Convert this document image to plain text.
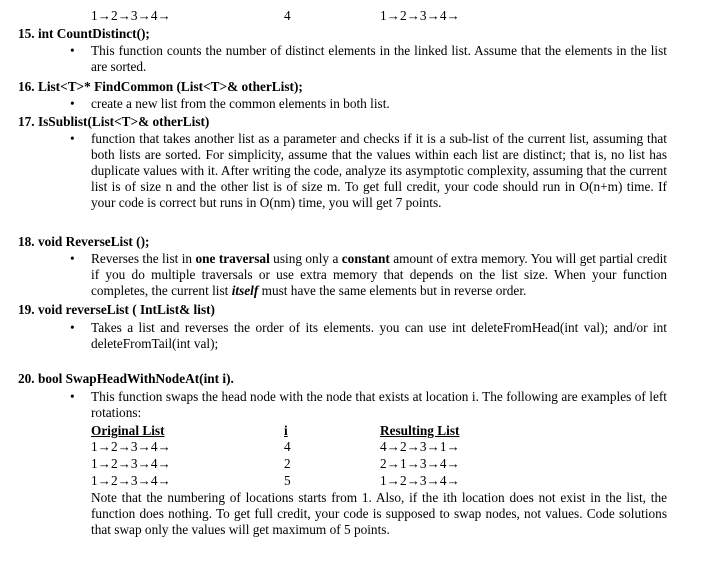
1→2→3→4→	4	1→2→3→4→
15. int CountDistinct();
• This function counts the number of distinct elements in the linked list. Assume that the elements in the list are sorted.
16. List<T>* FindCommon (List<T>& otherList);
• create a new list from the common elements in both list.
17. IsSublist(List<T>& otherList)
• function that takes another list as a parameter and checks if it is a sub-list of the current list, assuming that both lists are sorted. For simplicity, assume that the values within each list are distinct; that is, no list has duplicate values with it. After writing the code, analyze its asymptotic complexity, assuming that the current list is of size n and the other list is of size m. To get full credit, your code should run in O(n+m) time. If your code is correct but runs in O(nm) time, you will get 7 points.
18. void ReverseList ();
• Reverses the list in one traversal using only a constant amount of extra memory. You will get partial credit if you do multiple traversals or use extra memory that depends on the list size. When your function completes, the current list itself must have the same elements but in reverse order.
19. void reverseList ( IntList& list)
• Takes a list and reverses the order of its elements. you can use int deleteFromHead(int val); and/or int deleteFromTail(int val);
20. bool SwapHeadWithNodeAt(int i).
• This function swaps the head node with the node that exists at location i. The following are examples of left rotations:
Original List	i	Resulting List
1→2→3→4→	4	4→2→3→1→
1→2→3→4→	2	2→1→3→4→
1→2→3→4→	5	1→2→3→4→
Note that the numbering of locations starts from 1. Also, if the ith location does not exist in the list, the function does nothing. To get full credit, your code is supposed to swap nodes, not values. Code solutions that swap only the values will get maximum of 5 points.
